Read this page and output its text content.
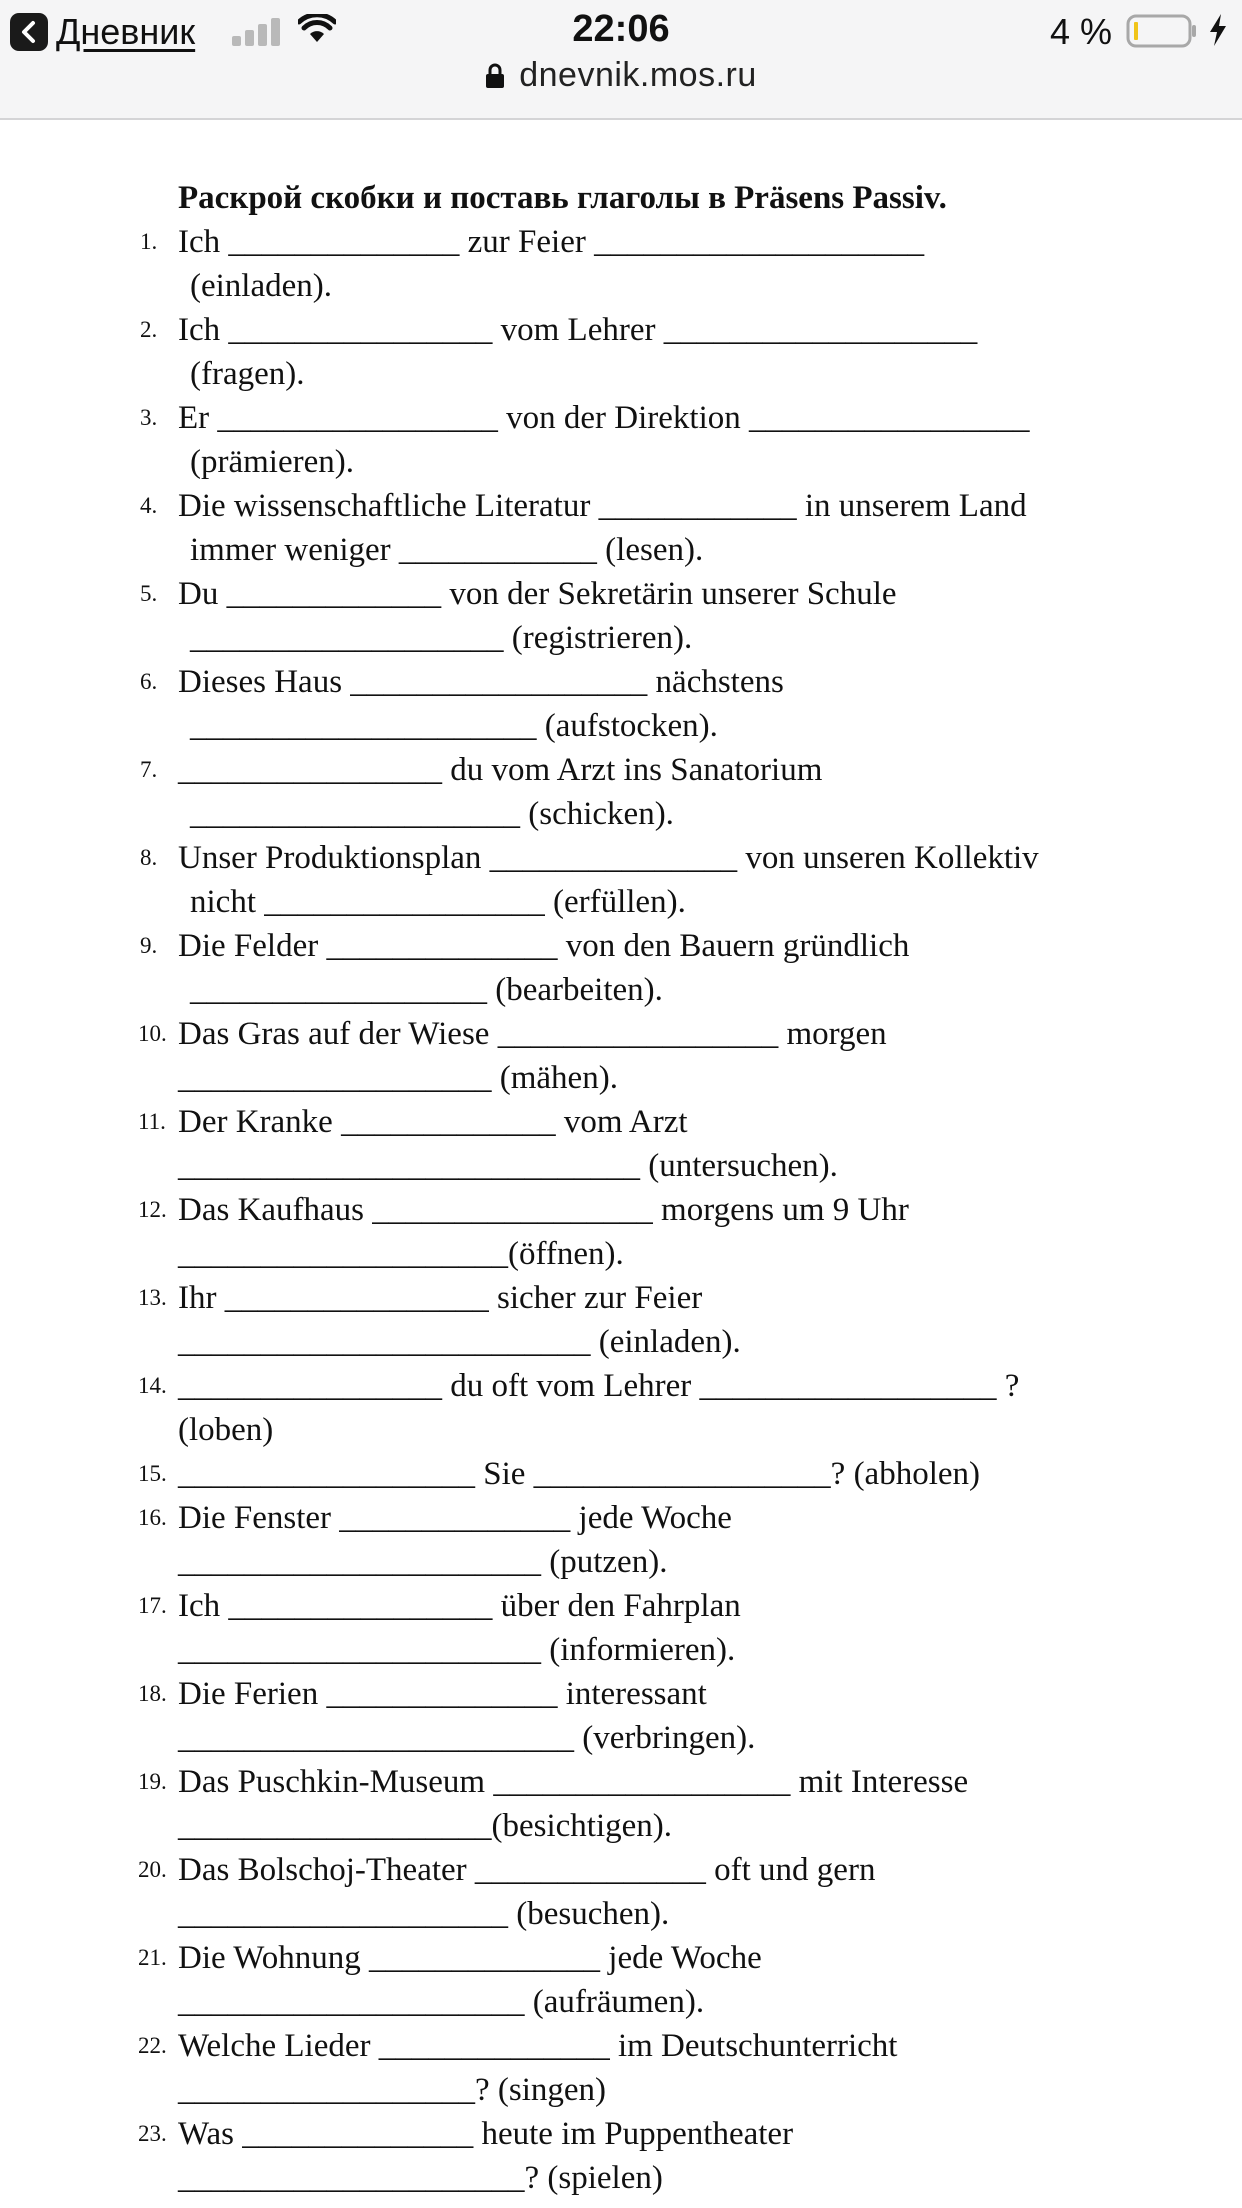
Дневник	22:06	4 %
dnevnik.mos.ru
Раскрой скобки и поставь глаголы в Präsens Passiv.
1. Ich ______________ zur Feier ____________________
(einladen).
2. Ich ________________ vom Lehrer ___________________
(fragen).
3. Er _________________ von der Direktion _________________
(prämieren).
4. Die wissenschaftliche Literatur ____________ in unserem Land
immer weniger ____________ (lesen).
5. Du _____________ von der Sekretärin unserer Schule
___________________ (registrieren).
6. Dieses Haus __________________ nächstens
_____________________ (aufstocken).
7. ________________ du vom Arzt ins Sanatorium
____________________ (schicken).
8. Unser Produktionsplan _______________ von unseren Kollektiv
nicht _________________ (erfüllen).
9. Die Felder ______________ von den Bauern gründlich
__________________ (bearbeiten).
10. Das Gras auf der Wiese _________________ morgen
___________________ (mähen).
11. Der Kranke _____________ vom Arzt
____________________________ (untersuchen).
12. Das Kaufhaus _________________ morgens um 9 Uhr
____________________(öffnen).
13. Ihr ________________ sicher zur Feier
_________________________ (einladen).
14. ________________ du oft vom Lehrer __________________ ?
(loben)
15. __________________ Sie __________________? (abholen)
16. Die Fenster ______________ jede Woche
______________________ (putzen).
17. Ich ________________ über den Fahrplan
______________________ (informieren).
18. Die Ferien ______________ interessant
________________________ (verbringen).
19. Das Puschkin-Museum __________________ mit Interesse
___________________(besichtigen).
20. Das Bolschoj-Theater ______________ oft und gern
____________________ (besuchen).
21. Die Wohnung ______________ jede Woche
_____________________ (aufräumen).
22. Welche Lieder ______________ im Deutschunterricht
__________________? (singen)
23. Was ______________ heute im Puppentheater
_____________________? (spielen)
